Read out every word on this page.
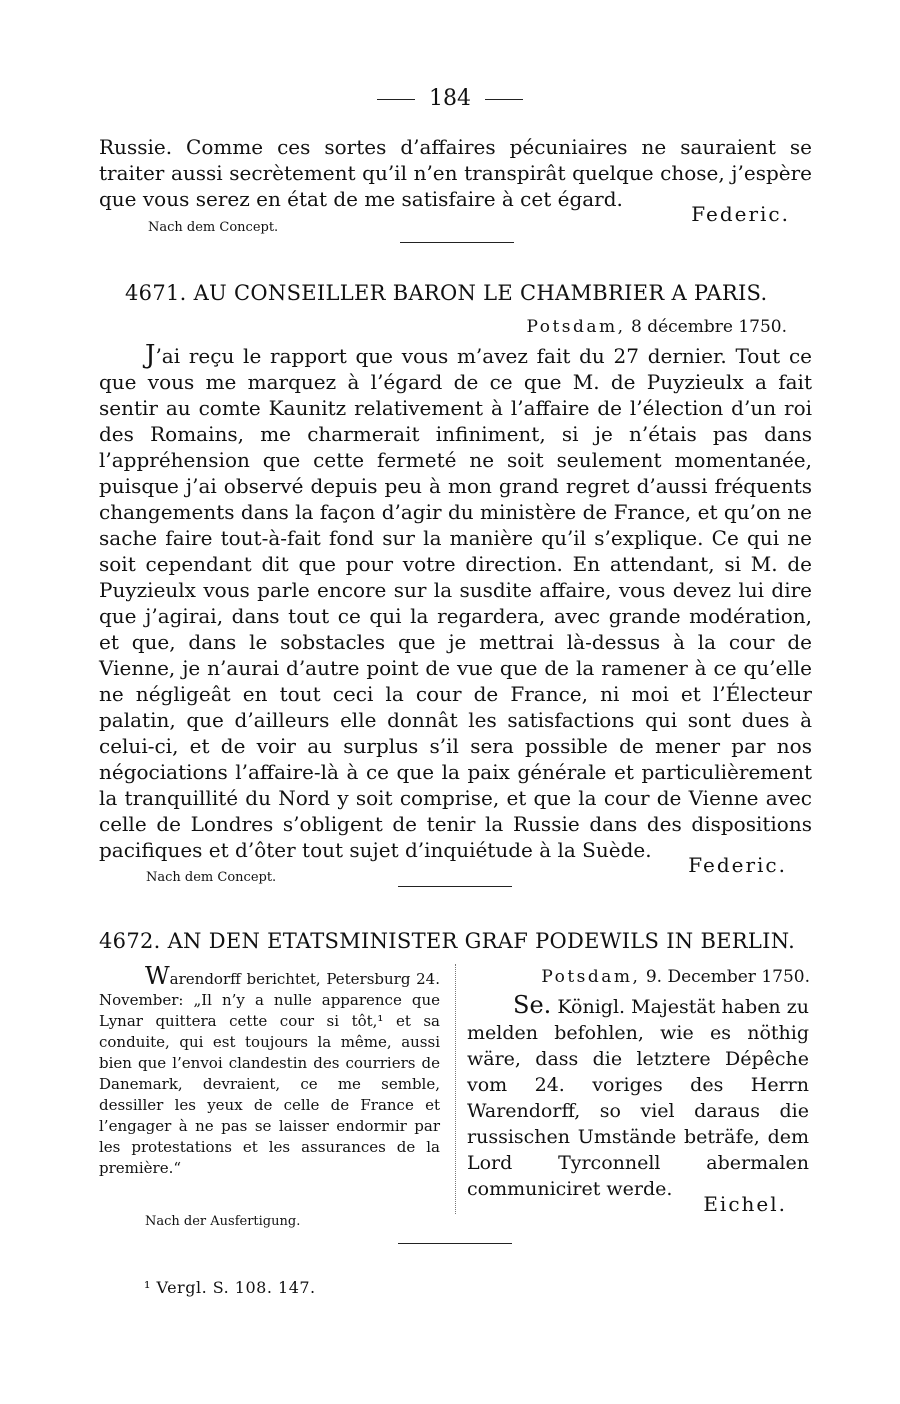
184

Russie. Comme ces sortes d’affaires pécuniaires ne sauraient se traiter aussi secrètement qu’il n’en transpirât quelque chose, j’espère que vous serez en état de me satisfaire à cet égard.

Federic.
Nach dem Concept.
4671. AU CONSEILLER BARON LE CHAMBRIER A PARIS.
Potsdam, 8 décembre 1750.

J’ai reçu le rapport que vous m’avez fait du 27 dernier. Tout ce que vous me marquez à l’égard de ce que M. de Puyzieulx a fait sentir au comte Kaunitz relativement à l’affaire de l’élection d’un roi des Romains, me charmerait infiniment, si je n’étais pas dans l’appréhension que cette fermeté ne soit seulement momentanée, puisque j’ai observé depuis peu à mon grand regret d’aussi fréquents changements dans la façon d’agir du ministère de France, et qu’on ne sache faire tout-à-fait fond sur la manière qu’il s’explique. Ce qui ne soit cependant dit que pour votre direction. En attendant, si M. de Puyzieulx vous parle encore sur la susdite affaire, vous devez lui dire que j’agirai, dans tout ce qui la regardera, avec grande modération, et que, dans le sobstacles que je mettrai là-dessus à la cour de Vienne, je n’aurai d’autre point de vue que de la ramener à ce qu’elle ne négligeât en tout ceci la cour de France, ni moi et l’Électeur palatin, que d’ailleurs elle donnât les satisfactions qui sont dues à celui-ci, et de voir au surplus s’il sera possible de mener par nos négociations l’affaire-là à ce que la paix générale et particulièrement la tranquillité du Nord y soit comprise, et que la cour de Vienne avec celle de Londres s’obligent de tenir la Russie dans des dispositions pacifiques et d’ôter tout sujet d’inquiétude à la Suède.

Federic.
Nach dem Concept.
4672. AN DEN ETATSMINISTER GRAF PODEWILS IN BERLIN.

Warendorff berichtet, Petersburg 24. November: „Il n’y a nulle apparence que Lynar quittera cette cour si tôt,¹ et sa conduite, qui est toujours la même, aussi bien que l’envoi clandestin des courriers de Danemark, devraient, ce me semble, dessiller les yeux de celle de France et l’engager à ne pas se laisser endormir par les protestations et les assurances de la première.“

Potsdam, 9. December 1750.

Se. Königl. Majestät haben zu melden befohlen, wie es nöthig wäre, dass die letztere Dépêche vom 24. voriges des Herrn Warendorff, so viel daraus die russischen Umstände beträfe, dem Lord Tyrconnell abermalen communiciret werde.

Eichel.
Nach der Ausfertigung.
¹ Vergl. S. 108. 147.
